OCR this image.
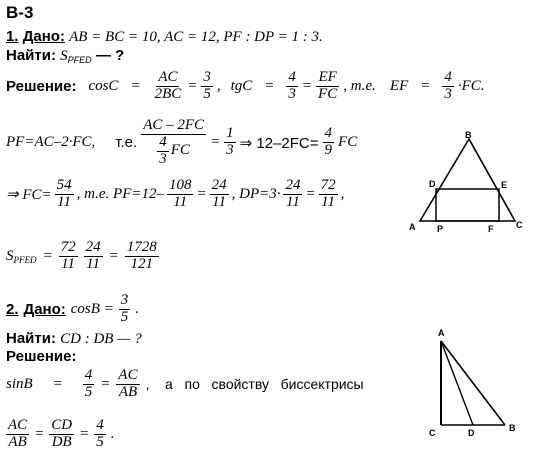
В-3
1. Дано: AB = BC = 10, AC = 12, PF : DP = 1 : 3.
Найти: $S_{PFED}$ — ?
Решение: $\cos C = \frac{AC}{2BC} = \frac{3}{5}$ , tgC = $\frac{4}{3} = \frac{EF}{FC}$ , т.е. EF = $\frac{4}{3} \cdot FC$.
PF=AC–2·FC, т.е. $\frac{AC - 2FC}{\frac{4}{3} FC} = \frac{1}{3}$ ⇒ $12-2FC= \frac{4}{9}$ FC
⇒ $FC= \frac{54}{11}$ , т.е. $PF=12- \frac{108}{11} = \frac{24}{11}$ , $DP=3\cdot \frac{24}{11} = \frac{72}{11}$ ,
$S_{PFED} = \frac{72}{11} \frac{24}{11} = \frac{1728}{121}$
B
D	E
A P	F	C
2. Дано: $\cos B = \frac{3}{5}$ .
Найти: CD : DB — ?
Решение:
$\sin B = \frac{4}{5} = \frac{AC}{AB}$ ,    а   по   свойству   биссектрисы
$\frac{AC}{AB} = \frac{CD}{DB} = \frac{4}{5}$ .
A
C	D	B
